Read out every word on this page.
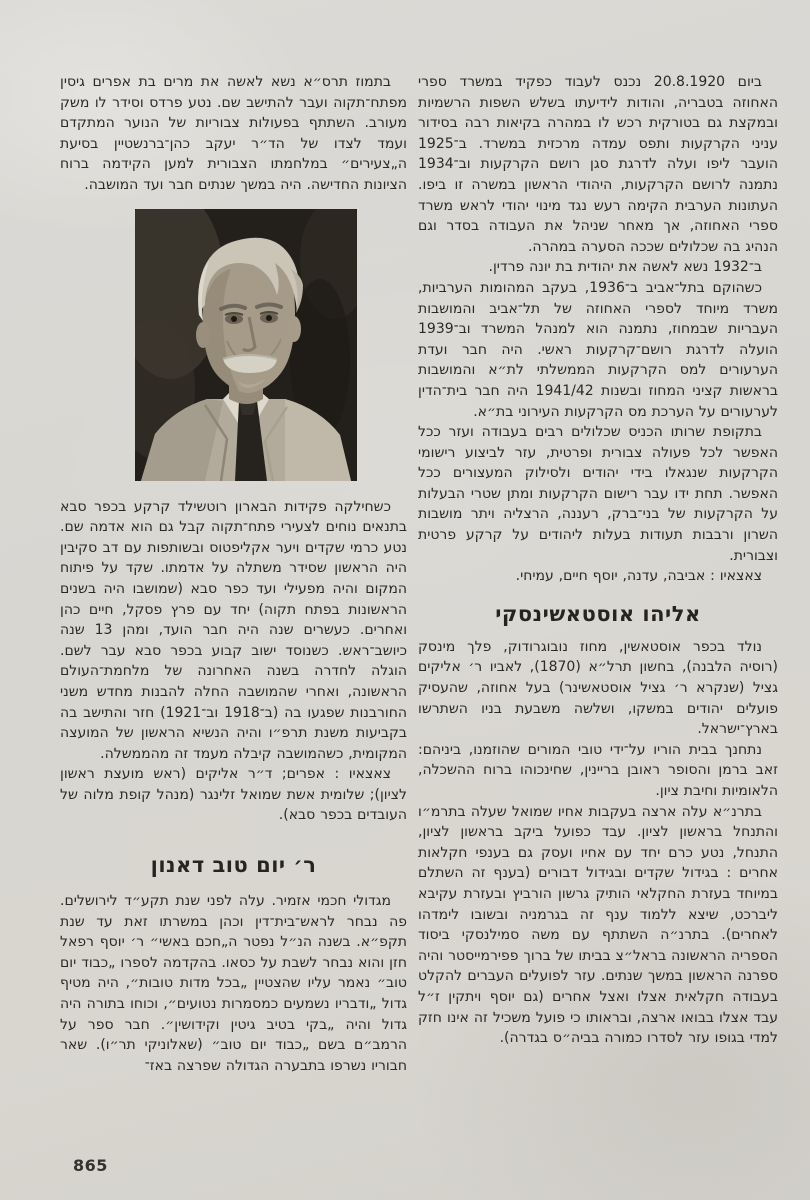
ביום 20.8.1920 נכנס לעבוד כפקיד במשרד ספרי האחוזה בטבריה, והודות לידיעתו בשלש השפות הרשמיות ובמקצת גם בטורקית רכש לו במהרה בקיאות רבה בסידור עניני הקרקעות ותפס עמדה מרכזית במשרד. ב־1925 הועבר ליפו ועלה לדרגת סגן רושם הקרקעות וב־1934 נתמנה לרושם הקרקעות, היהודי הראשון במשרה זו ביפו. העתונות הערבית הקימה רעש נגד מינוי יהודי לראש משרד ספרי האחוזה, אך מאחר שניהל את העבודה בסדר וגם הנהיג בה שכלולים שככה הסערה במהרה.

ב־1932 נשא לאשה את יהודית בת יונה פרדין.

כשהוקם בתל־אביב ב־1936, בעקב המהומות הערביות, משרד מיוחד לספרי האחוזה של תל־אביב והמושבות העבריות שבמחוז, נתמנה הוא למנהל המשרד וב־1939 הועלה לדרגת רושם־קרקעות ראשי. היה חבר ועדת הערעורים למס הקרקעות הממשלתי לת״א והמושבות בראשות קציני המחוז ובשנות 1941/42 היה חבר בית־הדין לערעורים על הערכת מס הקרקעות העירוני בת״א.

בתקופת שרותו הכניס שכלולים רבים בעבודה ועזר ככל האפשר לכל פעולה צבורית ופרטית, עזר לביצוע רישומי הקרקעות שנגאלו בידי יהודים ולסילוק המעצורים ככל האפשר. תחת ידו עבר רישום הקרקעות ומתן שטרי הבעלות על הקרקעות של בני־ברק, רעננה, הרצליה ויתר מושבות השרון ורבבות תעודות בעלות ליהודים על קרקע פרטית וצבורית.

צאצאיו : אביבה, עדנה, יוסף חיים, עמיחי.

אליהו אוסטאשינסקי

נולד בכפר אוסטאשין, מחוז נובוגרודוק, פלך מינסק (רוסיה הלבנה), בחשון תרל״א (1870), לאביו ר׳ אליקים גציל (שנקרא ר׳ גציל אוסטאשינר) בעל אחוזה, שהעסיק פועלים יהודים במשקו, ושלשה משבעת בניו השתרשו בארץ־ישראל.

נתחנך בבית הוריו על־ידי טובי המורים שהוזמנו, ביניהם: זאב ברמן והסופר ראובן בריינין, שחינכוהו ברוח ההשכלה, הלאומיות וחיבת ציון.

בתרנ״א עלה ארצה בעקבות אחיו שמואל שעלה בתרמ״ו והתנחל בראשון לציון. עבד כפועל ביקב בראשון לציון, התנחל, נטע כרם יחד עם אחיו ועסק גם בענפי חקלאות אחרים : בגידול שקדים ובגידול דבורים (בענף זה השתלם במיוחד בעזרת החקלאי הותיק גרשון הורביץ ובעזרת עקיבא ליברכט, שיצא ללמוד ענף זה בגרמניה ובשובו לימדהו לאחרים). בתרנ״ה השתתף עם משה סמילנסקי ביסוד הספריה הראשונה בראל״צ בביתו של ברוך פפירמייסטר והיה ספרנה הראשון במשך שנתים. עזר לפועלים העברים להקלט בעבודה חקלאית אצלו ואצל אחרים (גם יוסף ויתקין ז״ל עבד אצלו בבואו ארצה, ובראותו כי פועל משכיל זה אינו חזק למדי בגופו עזר לסדרו כמורה בביה״ס בגדרה).

בתמוז תרס״א נשא לאשה את מרים בת אפרים גיסין מפתח־תקוה ועבר להתישב שם. נטע פרדס וסידר לו משק מעורב. השתתף בפעולות צבוריות של הנוער המתקדם ועמד לצדו של הד״ר יעקב כהן־ברנשטיין בסיעת ה„צעירים״ במלחמתו הצבורית למען הקידמה ברוח הציונות החדישה. היה במשך שנתים חבר ועד המושבה.

כשחילקה פקידות הבארון רוטשילד קרקע בכפר סבא בתנאים נוחים לצעירי פתח־תקוה קבל גם הוא אדמה שם. נטע כרמי שקדים ויער אקליפטוס ובשותפות עם דב סקיבין היה הראשון שסידר משתלה על אדמתו. שקד על פיתוח המקום והיה מפעילי ועד כפר סבא (שמושבו היה בשנים הראשונות בפתח תקוה) יחד עם פרץ פסקל, חיים כהן ואחרים. כעשרים שנה היה חבר הועד, ומהן 13 שנה כיושב־ראש. כשנוסד ישוב קבוע בכפר סבא עבר לשם. הוגלה לחדרה בשנה האחרונה של מלחמת־העולם הראשונה, ואחרי שהמושבה החלה להבנות מחדש משני החורבנות שפגעו בה (ב־1918 וב־1921) חזר והתישב בה בקביעות משנת תרפ״ו והיה הנשיא הראשון של המועצה המקומית, כשהמושבה קיבלה מעמד זה מהממשלה.

צאצאיו : אפרים; ד״ר אליקים (ראש מועצת ראשון לציון); שלומית אשת שמואל זלינגר (מנהל קופת מלוה של העובדים בכפר סבא).

ר׳ יום טוב דאנון

מגדולי חכמי אזמיר. עלה לפני שנת תקע״ד לירושלים. פה נבחר לראש־בית־דין וכהן במשרתו זאת עד שנת תקפ״א. בשנה הנ״ל נפטר ה„חכם באשי״ ר׳ יוסף רפאל חזן והוא נבחר לשבת על כסאו. בהקדמה לספרו „כבוד יום טוב״ נאמר עליו שהצטיין „בכל מדות טובות״, היה מטיף גדול „ודבריו נשמעים כמסמרות נטועים״, וכוחו בתורה היה גדול והיה „בקי בטיב גיטין וקידושין״. חבר ספר על הרמב״ם בשם „כבוד יום טוב״ (שאלוניקי תר״ו). שאר חבוריו נשרפו בתבערה הגדולה שפרצה באז־

865
